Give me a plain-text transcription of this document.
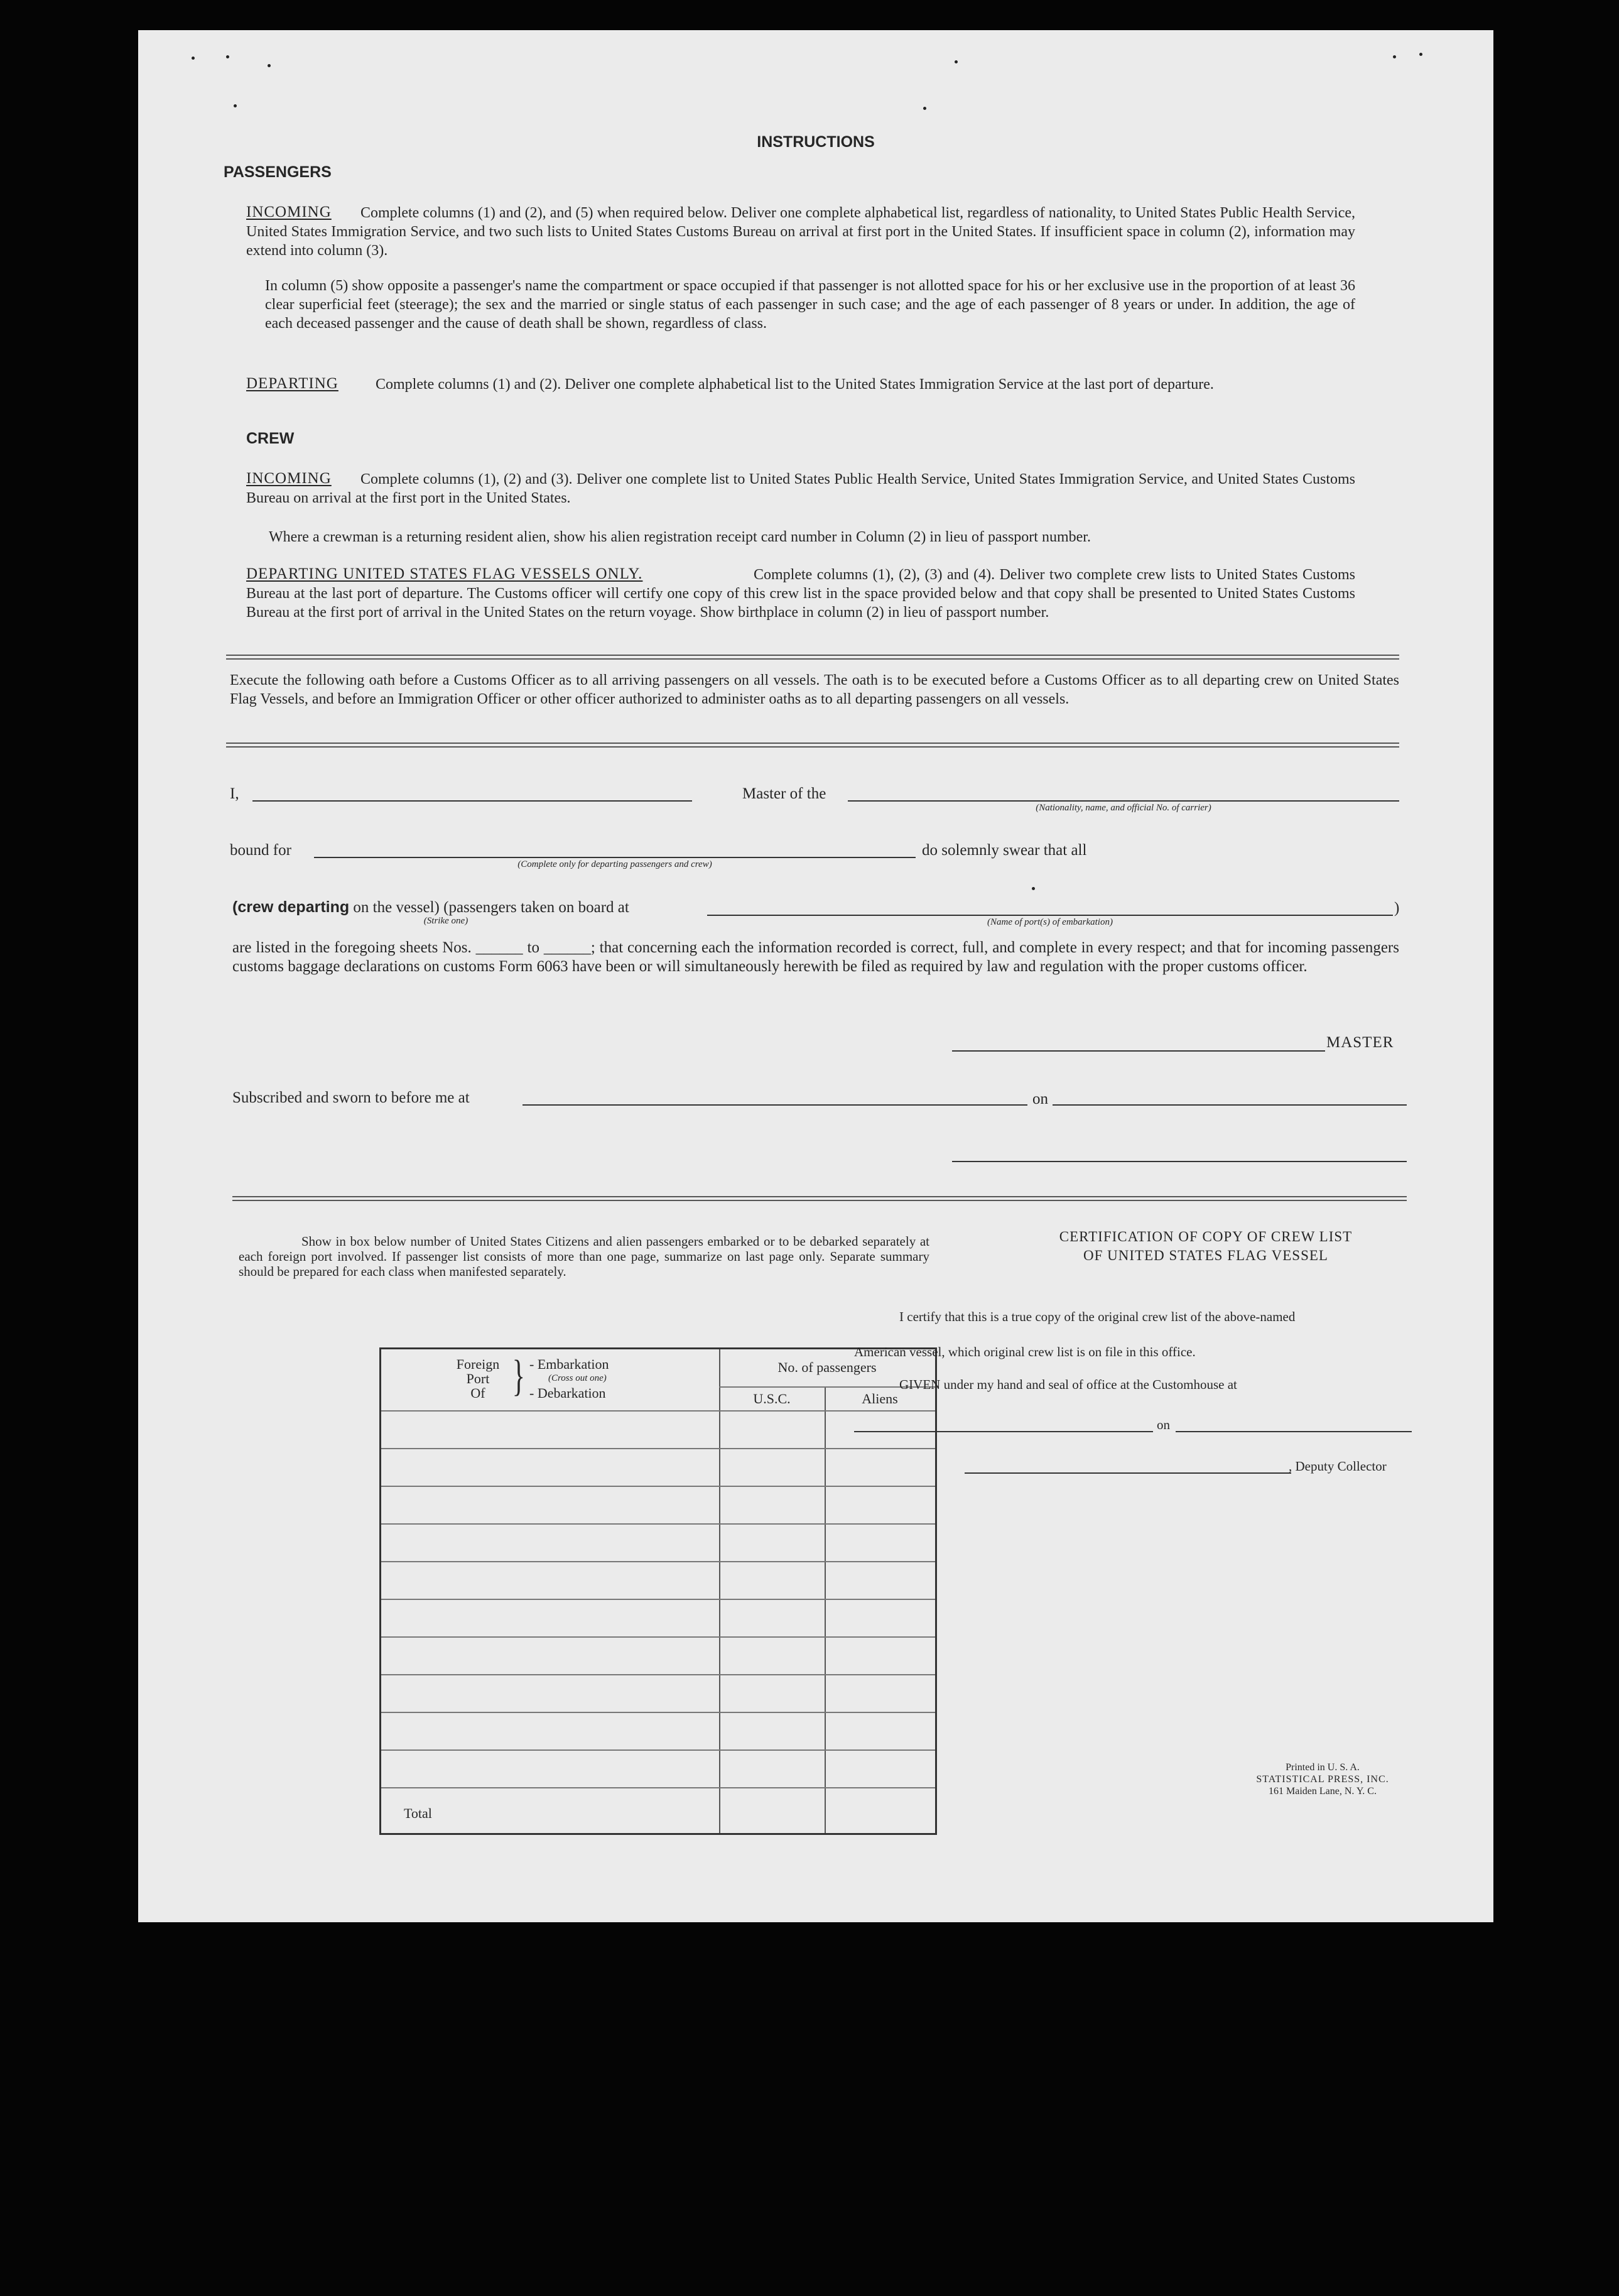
INSTRUCTIONS
PASSENGERS
INCOMING	Complete columns (1) and (2), and (5) when required below. Deliver one complete alphabetical list, regardless of nationality, to United States Public Health Service, United States Immigration Service, and two such lists to United States Customs Bureau on arrival at first port in the United States. If insufficient space in column (2), information may extend into column (3).
In column (5) show opposite a passenger's name the compartment or space occupied if that passenger is not allotted space for his or her exclusive use in the proportion of at least 36 clear superficial feet (steerage); the sex and the married or single status of each passenger in such case; and the age of each passenger of 8 years or under. In addition, the age of each deceased passenger and the cause of death shall be shown, regardless of class.
DEPARTING	Complete columns (1) and (2). Deliver one complete alphabetical list to the United States Immigration Service at the last port of departure.
CREW
INCOMING	Complete columns (1), (2) and (3). Deliver one complete list to United States Public Health Service, United States Immigration Service, and United States Customs Bureau on arrival at the first port in the United States.
Where a crewman is a returning resident alien, show his alien registration receipt card number in Column (2) in lieu of passport number.
DEPARTING UNITED STATES FLAG VESSELS ONLY.	Complete columns (1), (2), (3) and (4). Deliver two complete crew lists to United States Customs Bureau at the last port of departure. The Customs officer will certify one copy of this crew list in the space provided below and that copy shall be presented to United States Customs Bureau at the first port of arrival in the United States on the return voyage. Show birthplace in column (2) in lieu of passport number.
Execute the following oath before a Customs Officer as to all arriving passengers on all vessels. The oath is to be executed before a Customs Officer as to all departing crew on United States Flag Vessels, and before an Immigration Officer or other officer authorized to administer oaths as to all departing passengers on all vessels.
I,	Master of the
(Nationality, name, and official No. of carrier)
bound for
(Complete only for departing passengers and crew)
do solemnly swear that all
(crew departing on the vessel) (passengers taken on board at
(Strike one)
)
(Name of port(s) of embarkation)
are listed in the foregoing sheets Nos. ______ to ______; that concerning each the information recorded is correct, full, and complete in every respect; and that for incoming passengers customs baggage declarations on customs Form 6063 have been or will simultaneously herewith be filed as required by law and regulation with the proper customs officer.
MASTER
Subscribed and sworn to before me at	on
Show in box below number of United States Citizens and alien passengers embarked or to be debarked separately at each foreign port involved. If passenger list consists of more than one page, summarize on last page only. Separate summary should be prepared for each class when manifested separately.
Foreign
Port
Of } - Embarkation
(Cross out one)
- Debarkation
No. of passengers
U.S.C.	Aliens
Total
CERTIFICATION OF COPY OF CREW LIST
OF UNITED STATES FLAG VESSEL
I certify that this is a true copy of the original crew list of the above-named
American vessel, which original crew list is on file in this office.
GIVEN under my hand and seal of office at the Customhouse at
on
, Deputy Collector
Printed in U. S. A.
STATISTICAL PRESS, INC.
161 Maiden Lane, N. Y. C.
